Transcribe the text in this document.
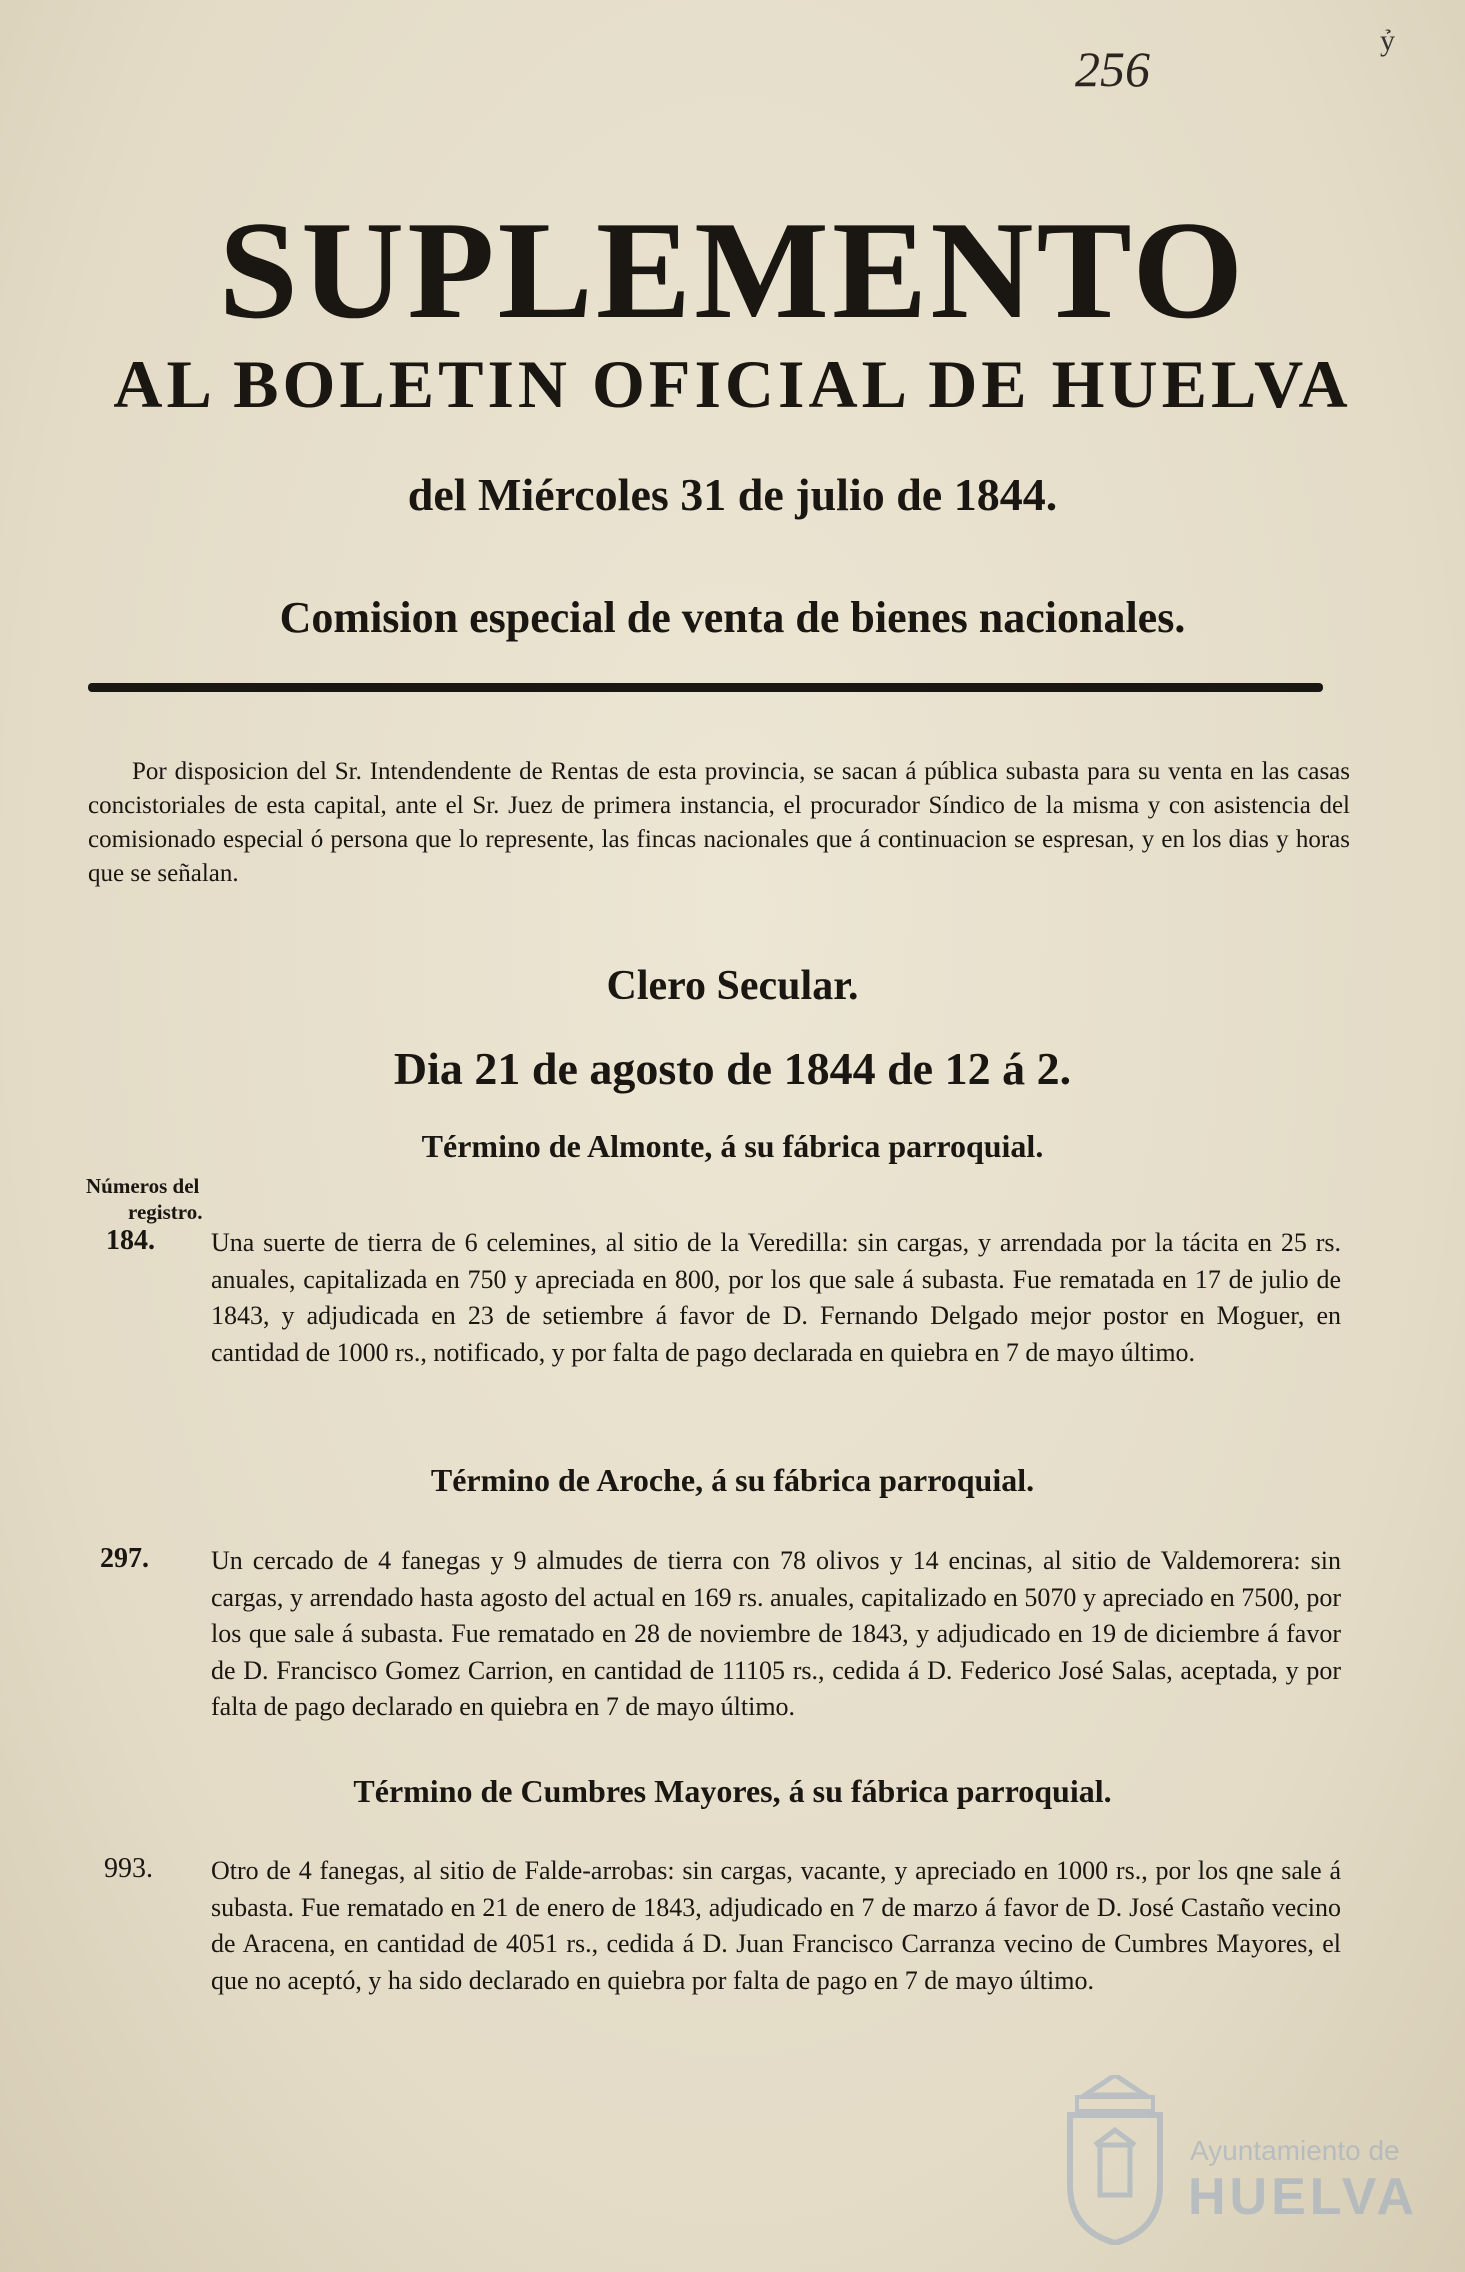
256
ỷ
SUPLEMENTO
AL BOLETIN OFICIAL DE HUELVA
del Miércoles 31 de julio de 1844.
Comision especial de venta de bienes nacionales.

Por disposicion del Sr. Intendendente de Rentas de esta provincia, se sacan á pública subasta para su venta en las casas concistoriales de esta capital, ante el Sr. Juez de primera instancia, el procurador Síndico de la misma y con asistencia del comisionado especial ó persona que lo represente, las fincas nacionales que á continuacion se espresan, y en los dias y horas que se señalan.

Clero Secular.
Dia 21 de agosto de 1844 de 12 á 2.
Término de Almonte, á su fábrica parroquial.
Números del
registro.
184. Una suerte de tierra de 6 celemines, al sitio de la Veredilla: sin cargas, y arrendada por la tácita en 25 rs. anuales, capitalizada en 750 y apreciada en 800, por los que sale á subasta. Fue rematada en 17 de julio de 1843, y adjudicada en 23 de setiembre á favor de D. Fernando Delgado mejor postor en Moguer, en cantidad de 1000 rs., notificado, y por falta de pago declarada en quiebra en 7 de mayo último.

Término de Aroche, á su fábrica parroquial.
297. Un cercado de 4 fanegas y 9 almudes de tierra con 78 olivos y 14 encinas, al sitio de Valdemorera: sin cargas, y arrendado hasta agosto del actual en 169 rs. anuales, capitalizado en 5070 y apreciado en 7500, por los que sale á subasta. Fue rematado en 28 de noviembre de 1843, y adjudicado en 19 de diciembre á favor de D. Francisco Gomez Carrion, en cantidad de 11105 rs., cedida á D. Federico José Salas, aceptada, y por falta de pago declarado en quiebra en 7 de mayo último.

Término de Cumbres Mayores, á su fábrica parroquial.
993. Otro de 4 fanegas, al sitio de Falde-arrobas: sin cargas, vacante, y apreciado en 1000 rs., por los qne sale á subasta. Fue rematado en 21 de enero de 1843, adjudicado en 7 de marzo á favor de D. José Castaño vecino de Aracena, en cantidad de 4051 rs., cedida á D. Juan Francisco Carranza vecino de Cumbres Mayores, el que no aceptó, y ha sido declarado en quiebra por falta de pago en 7 de mayo último.

Ayuntamiento de
HUELVA
